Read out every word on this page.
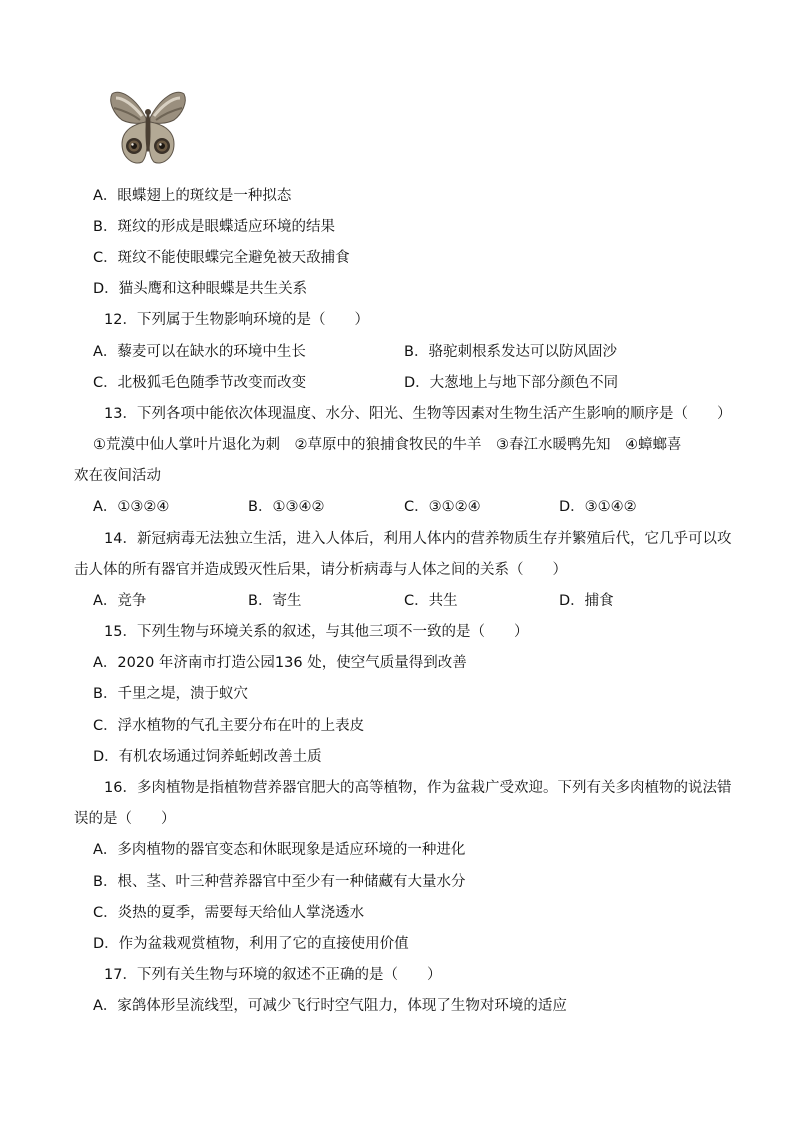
A．眼蝶翅上的斑纹是一种拟态
B．斑纹的形成是眼蝶适应环境的结果
C．斑纹不能使眼蝶完全避免被天敌捕食
D．猫头鹰和这种眼蝶是共生关系
12．下列属于生物影响环境的是（　　）
A．藜麦可以在缺水的环境中生长	B．骆驼刺根系发达可以防风固沙
C．北极狐毛色随季节改变而改变	D．大葱地上与地下部分颜色不同
13．下列各项中能依次体现温度、水分、阳光、生物等因素对生物生活产生影响的顺序是（　　）
①荒漠中仙人掌叶片退化为刺　②草原中的狼捕食牧民的牛羊　③春江水暖鸭先知　④蟑螂喜
欢在夜间活动
A．①③②④	B．①③④②	C．③①②④	D．③①④②
14．新冠病毒无法独立生活，进入人体后，利用人体内的营养物质生存并繁殖后代，它几乎可以攻
击人体的所有器官并造成毁灭性后果，请分析病毒与人体之间的关系（　　）
A．竞争	B．寄生	C．共生	D．捕食
15．下列生物与环境关系的叙述，与其他三项不一致的是（　　）
A．2020 年济南市打造公园136 处，使空气质量得到改善
B．千里之堤，溃于蚁穴
C．浮水植物的气孔主要分布在叶的上表皮
D．有机农场通过饲养蚯蚓改善土质
16．多肉植物是指植物营养器官肥大的高等植物，作为盆栽广受欢迎。下列有关多肉植物的说法错
误的是（　　）
A．多肉植物的器官变态和休眠现象是适应环境的一种进化
B．根、茎、叶三种营养器官中至少有一种储藏有大量水分
C．炎热的夏季，需要每天给仙人掌浇透水
D．作为盆栽观赏植物，利用了它的直接使用价值
17．下列有关生物与环境的叙述不正确的是（　　）
A．家鸽体形呈流线型，可减少飞行时空气阻力，体现了生物对环境的适应
